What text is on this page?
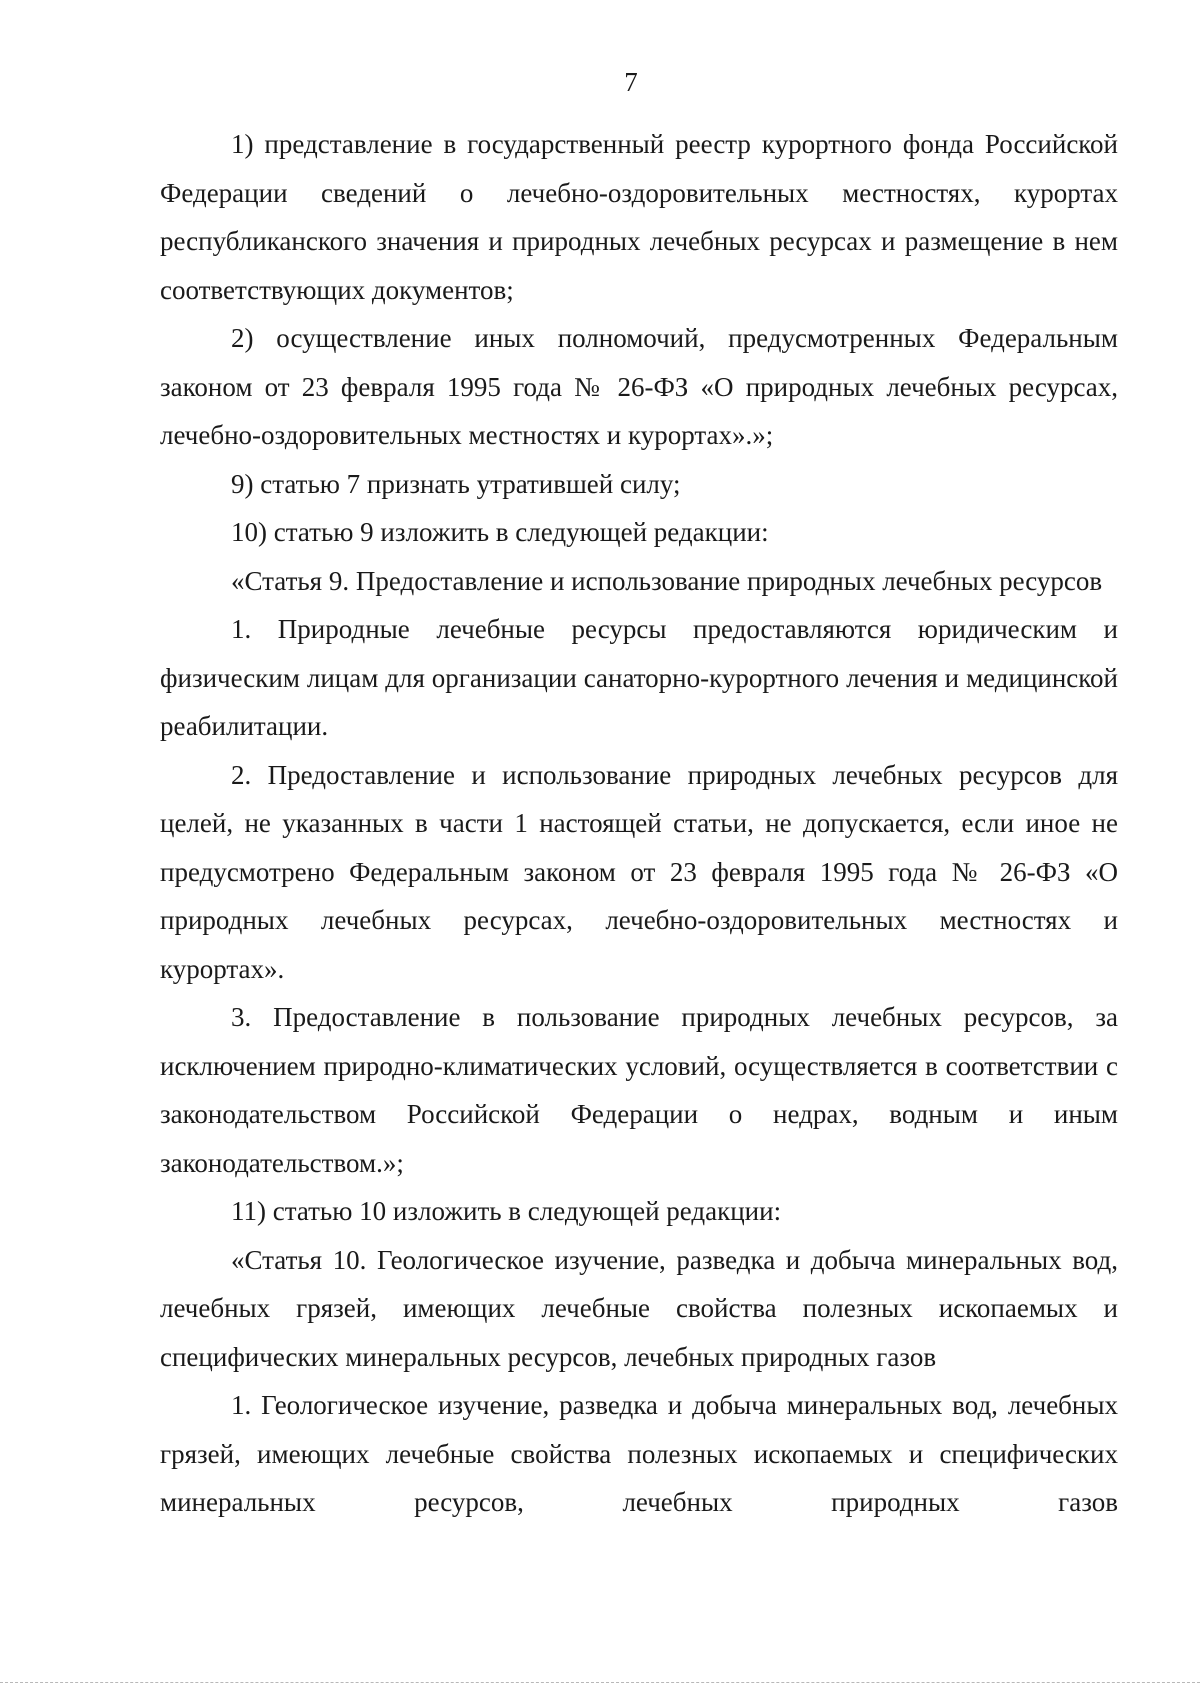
7

1) представление в государственный реестр курортного фонда Российской Федерации сведений о лечебно-оздоровительных местностях, курортах республиканского значения и природных лечебных ресурсах и размещение в нем соответствующих документов;

2) осуществление иных полномочий, предусмотренных Федеральным законом от 23 февраля 1995 года № 26-ФЗ «О природных лечебных ресурсах, лечебно-оздоровительных местностях и курортах».»;

9) статью 7 признать утратившей силу;

10) статью 9 изложить в следующей редакции:

«Статья 9. Предоставление и использование природных лечебных ресурсов

1. Природные лечебные ресурсы предоставляются юридическим и физическим лицам для организации санаторно-курортного лечения и медицинской реабилитации.

2. Предоставление и использование природных лечебных ресурсов для целей, не указанных в части 1 настоящей статьи, не допускается, если иное не предусмотрено Федеральным законом от 23 февраля 1995 года № 26-ФЗ «О природных лечебных ресурсах, лечебно-оздоровительных местностях и курортах».

3. Предоставление в пользование природных лечебных ресурсов, за исключением природно-климатических условий, осуществляется в соответствии с законодательством Российской Федерации о недрах, водным и иным законодательством.»;

11) статью 10 изложить в следующей редакции:

«Статья 10. Геологическое изучение, разведка и добыча минеральных вод, лечебных грязей, имеющих лечебные свойства полезных ископаемых и специфических минеральных ресурсов, лечебных природных газов

1. Геологическое изучение, разведка и добыча минеральных вод, лечебных грязей, имеющих лечебные свойства полезных ископаемых и специфических минеральных ресурсов, лечебных природных газов
